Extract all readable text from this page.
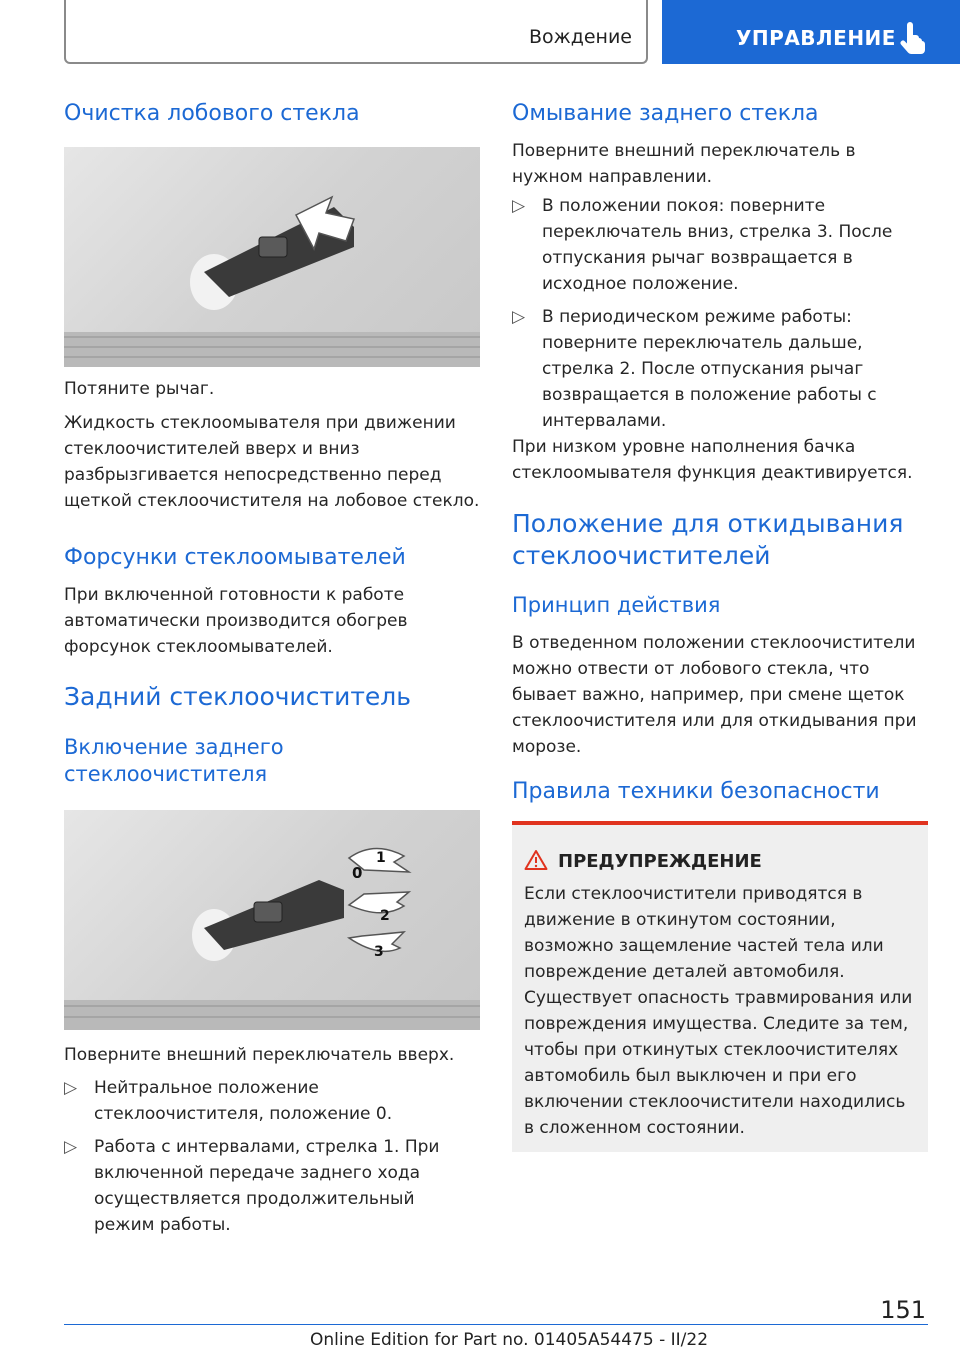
Вождение	УПРАВЛЕНИЕ
Очистка лобового стекла

Потяните рычаг.

Жидкость стеклоомывателя при движении стеклоочистителей вверх и вниз разбрызгивается непосредственно перед щеткой стеклоочистителя на лобовое стекло.

Форсунки стеклоомывателей

При включенной готовности к работе автоматически производится обогрев форсунок стеклоомывателей.

Задний стеклоочиститель
Включение заднего стеклоочистителя
1
0
2
3

Поверните внешний переключатель вверх.

▷ Нейтральное положение стеклоочистителя, положение 0.
▷ Работа с интервалами, стрелка 1. При включенной передаче заднего хода осуществляется продолжительный режим работы.
Омывание заднего стекла

Поверните внешний переключатель в нужном направлении.

▷ В положении покоя: поверните переключатель вниз, стрелка 3. После отпускания рычаг возвращается в исходное положение.
▷ В периодическом режиме работы: поверните переключатель дальше, стрелка 2. После отпускания рычаг возвращается в положение работы с интервалами.

При низком уровне наполнения бачка стеклоомывателя функция деактивируется.

Положение для откидывания стеклоочистителей
Принцип действия

В отведенном положении стеклоочистители можно отвести от лобового стекла, что бывает важно, например, при смене щеток стеклоочистителя или для откидывания при морозе.

Правила техники безопасности
ПРЕДУПРЕЖДЕНИЕ

Если стеклоочистители приводятся в движение в откинутом состоянии, возможно защемление частей тела или повреждение деталей автомобиля. Существует опасность травмирования или повреждения имущества. Следите за тем, чтобы при откинутых стеклоочистителях автомобиль был выключен и при его включении стеклоочистители находились в сложенном состоянии.

151
Online Edition for Part no. 01405A54475 - II/22
